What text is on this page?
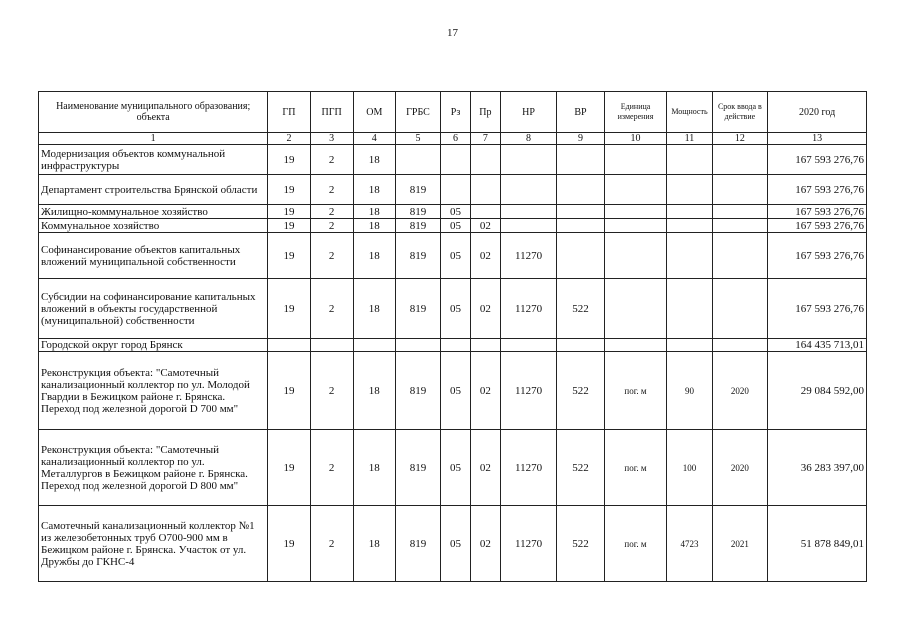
17
Наименование муниципального образования; объекта	ГП	ПГП	ОМ	ГРБС	Рз	Пр	НР	ВР	Единица измерения	Мощность	Срок ввода в действие	2020 год
1	2	3	4	5	6	7	8	9	10	11	12	13
Модернизация объектов коммунальной инфраструктуры	19	2	18									167 593 276,76
Департамент строительства Брянской области	19	2	18	819								167 593 276,76
Жилищно-коммунальное хозяйство	19	2	18	819	05							167 593 276,76
Коммунальное хозяйство	19	2	18	819	05	02						167 593 276,76
Софинансирование объектов капитальных вложений муниципальной собственности	19	2	18	819	05	02	11270					167 593 276,76
Субсидии на софинансирование капитальных вложений в объекты государственной (муниципальной) собственности	19	2	18	819	05	02	11270	522				167 593 276,76
Городской округ город Брянск												164 435 713,01
Реконструкция объекта: "Самотечный канализационный коллектор по ул. Молодой Гвардии в Бежицком районе г. Брянска. Переход под железной дорогой D 700 мм"	19	2	18	819	05	02	11270	522	пог. м	90	2020	29 084 592,00
Реконструкция объекта: "Самотечный канализационный коллектор по ул. Металлургов в Бежицком районе г. Брянска. Переход под железной дорогой D 800 мм"	19	2	18	819	05	02	11270	522	пог. м	100	2020	36 283 397,00
Самотечный канализационный коллектор №1 из железобетонных труб О700-900 мм в Бежицком районе г. Брянска. Участок от ул. Дружбы до ГКНС-4	19	2	18	819	05	02	11270	522	пог. м	4723	2021	51 878 849,01
